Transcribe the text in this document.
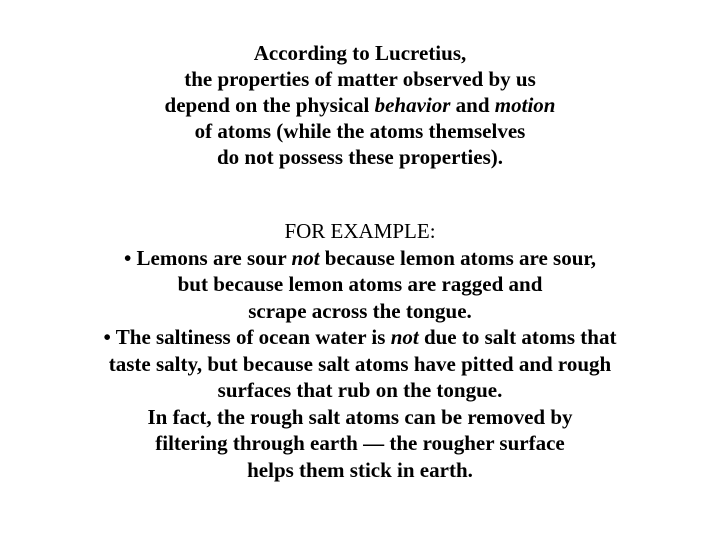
According to Lucretius,
the properties of matter observed by us
depend on the physical behavior and motion
of atoms (while the atoms themselves
do not possess these properties).
FOR EXAMPLE:
• Lemons are sour not because lemon atoms are sour,
but because lemon atoms are ragged and
scrape across the tongue.
• The saltiness of ocean water is not due to salt atoms that
taste salty, but because salt atoms have pitted and rough
surfaces that rub on the tongue.
In fact, the rough salt atoms can be removed by
filtering through earth — the rougher surface
helps them stick in earth.
